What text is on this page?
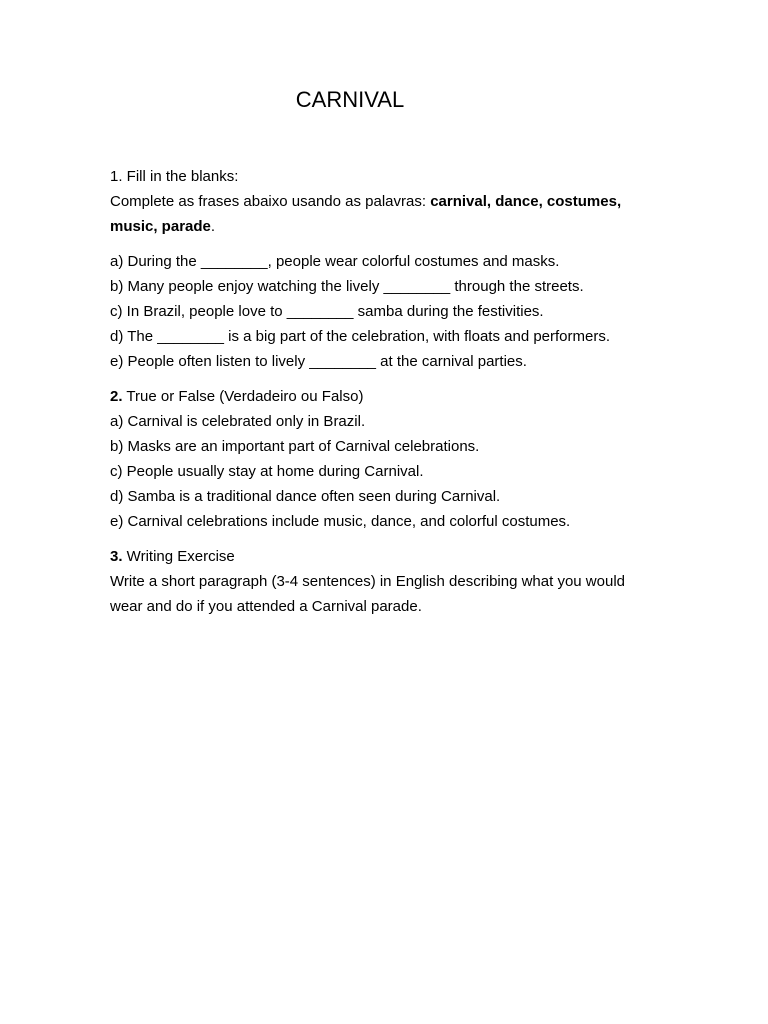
CARNIVAL
1. Fill in the blanks:
Complete as frases abaixo usando as palavras: carnival, dance, costumes, music, parade.
a) During the ________, people wear colorful costumes and masks.
b) Many people enjoy watching the lively ________ through the streets.
c) In Brazil, people love to ________ samba during the festivities.
d) The ________ is a big part of the celebration, with floats and performers.
e) People often listen to lively ________ at the carnival parties.
2. True or False (Verdadeiro ou Falso)
a) Carnival is celebrated only in Brazil.
b) Masks are an important part of Carnival celebrations.
c) People usually stay at home during Carnival.
d) Samba is a traditional dance often seen during Carnival.
e) Carnival celebrations include music, dance, and colorful costumes.
3. Writing Exercise
Write a short paragraph (3-4 sentences) in English describing what you would wear and do if you attended a Carnival parade.
